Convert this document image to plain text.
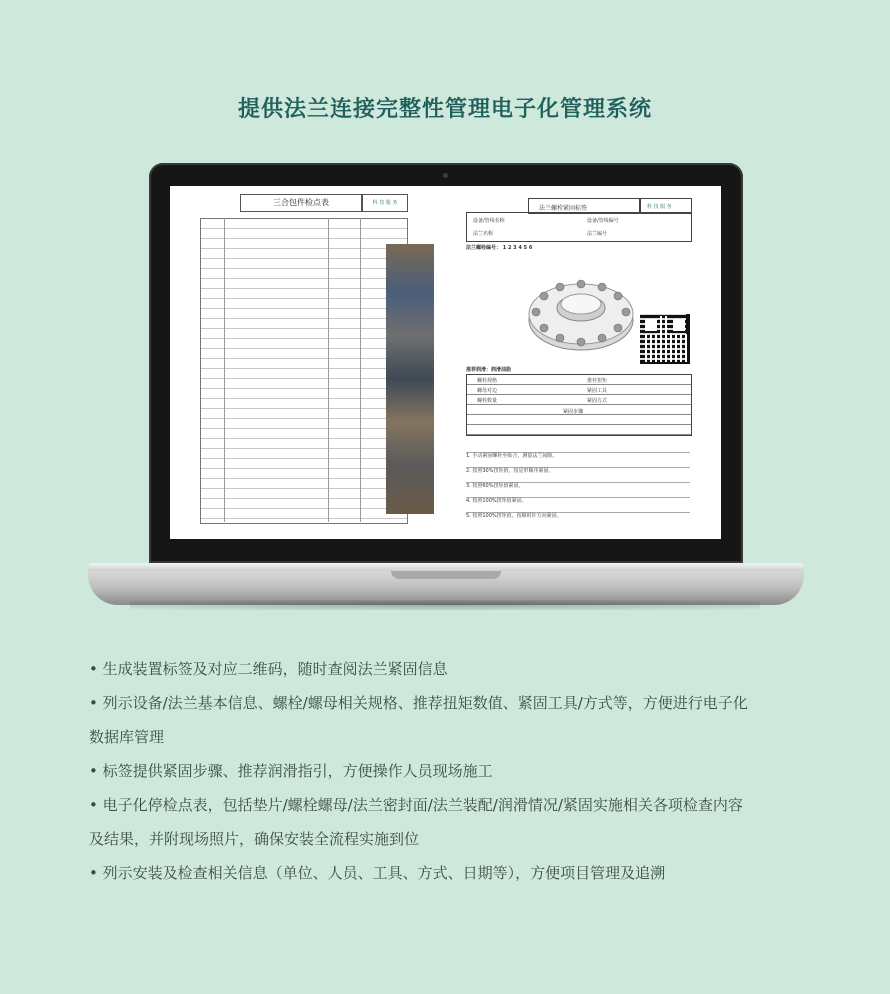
提供法兰连接完整性管理电子化管理系统
三合包件检点表	科 技 服 务
法兰螺栓紧固标签	科 技 服 务
设备/管线名称
法兰名称
设备/管线编号
法兰编号
法兰螺栓编号： 1 2 3 4 5 6
推荐润滑：润滑油脂
螺栓规格
螺母对边
螺栓数量
推荐扭矩
紧固工具
紧固方式
紧固步骤
$_{1. 手动紧固螺栓至贴合,测量法兰间隙。}$
$_{2. 按照30\%扭矩值,按星形顺序紧固。}$
$_{3. 按照60\%扭矩值紧固。}$
$_{4. 按照100\%扭矩值紧固。}$
$_{5. 按照100\%扭矩值,按顺时针方向紧固。}$

• 生成装置标签及对应二维码，随时查阅法兰紧固信息

• 列示设备/法兰基本信息、螺栓/螺母相关规格、推荐扭矩数值、紧固工具/方式等，方便进行电子化

数据库管理

• 标签提供紧固步骤、推荐润滑指引，方便操作人员现场施工

• 电子化停检点表，包括垫片/螺栓螺母/法兰密封面/法兰装配/润滑情况/紧固实施相关各项检查内容

及结果，并附现场照片，确保安装全流程实施到位

• 列示安装及检查相关信息（单位、人员、工具、方式、日期等），方便项目管理及追溯
